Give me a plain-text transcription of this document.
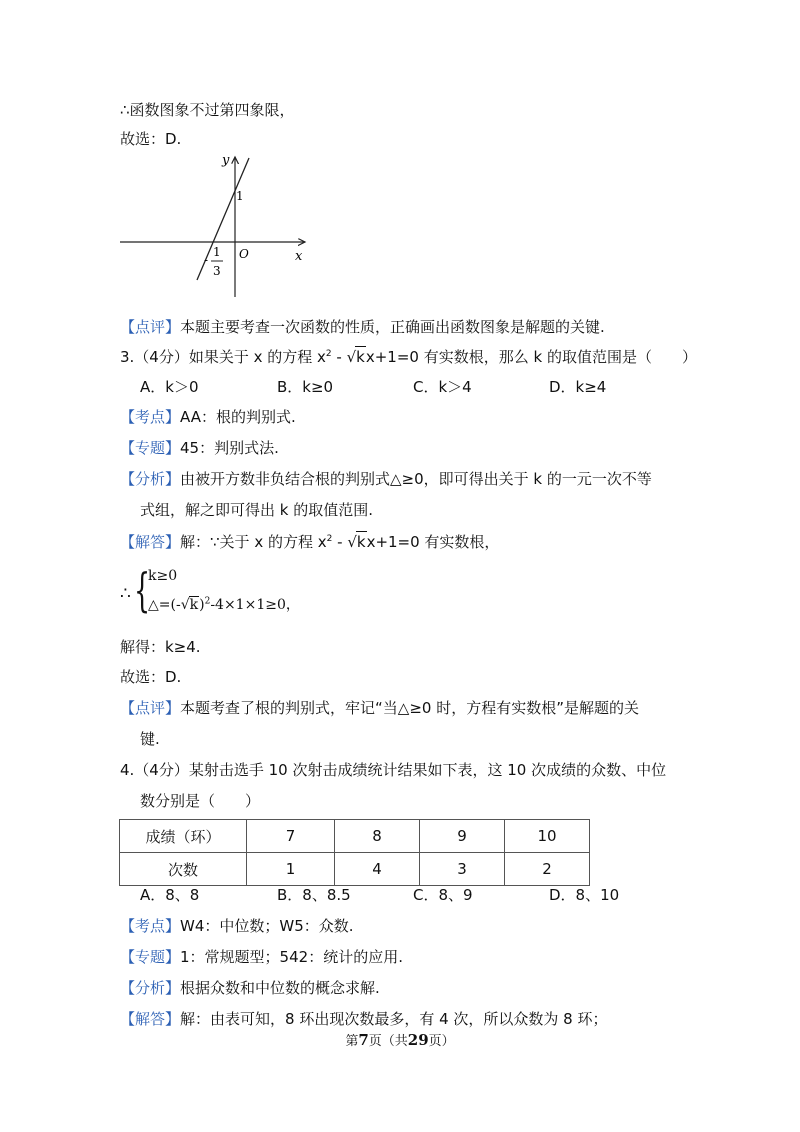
∴函数图象不过第四象限，
故选：D.
y
x
O
1
-
1
3
【点评】本题主要考查一次函数的性质，正确画出函数图象是解题的关键.
3.（4分）如果关于 x 的方程 $x^2 - √kx+1=0$ 有实数根，那么 k 的取值范围是（　　）
A．k＞0	B．k≥0	C．k＞4	D．k≥4
【考点】AA：根的判别式.
【专题】45：判别式法.
【分析】由被开方数非负结合根的判别式△≥0，即可得出关于 k 的一元一次不等
式组，解之即可得出 k 的取值范围.
【解答】解：∵关于 x 的方程 $x^2 - √kx+1=0$ 有实数根，
∴ {
k≥0
$\triangle=(-√k)^2-4\times 1\times 1\ge 0$，
解得：k≥4.
故选：D.
【点评】本题考查了根的判别式，牢记“当△≥0 时，方程有实数根”是解题的关
键.
4.（4分）某射击选手 10 次射击成绩统计结果如下表，这 10 次成绩的众数、中位
数分别是（　　）
成绩（环）	7	8	9	10
次数	1	4	3	2
A．8、8	B．8、8.5	C．8、9	D．8、10
【考点】W4：中位数；W5：众数.
【专题】1：常规题型；542：统计的应用.
【分析】根据众数和中位数的概念求解.
【解答】解：由表可知，8 环出现次数最多，有 4 次，所以众数为 8 环；
第7页（共29页）
